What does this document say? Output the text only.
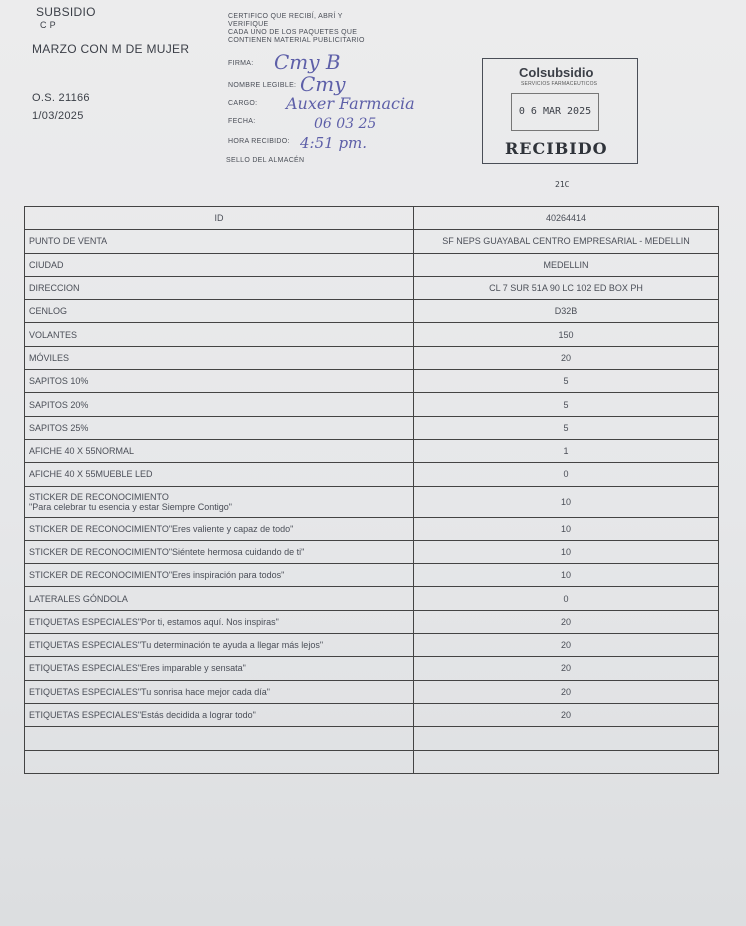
SUBSIDIO
C P
MARZO CON M DE MUJER
O.S. 21166
1/03/2025
CERTIFICO QUE RECIBÍ, ABRÍ Y
VERIFIQUE
CADA UNO DE LOS PAQUETES QUE
CONTIENEN MATERIAL PUBLICITARIO
FIRMA: Cmy B
NOMBRE LEGIBLE: Cmy
CARGO: Auxer Farmacia
FECHA:	06 03 25
HORA RECIBIDO: 4:51 pm.
SELLO DEL ALMACÉN
Colsubsidio
SERVICIOS FARMACEUTICOS
0 6 MAR 2025
RECIBIDO
21C
ID	40264414
PUNTO DE VENTA	SF NEPS GUAYABAL CENTRO EMPRESARIAL - MEDELLIN
CIUDAD	MEDELLIN
DIRECCION	CL 7 SUR 51A 90 LC 102 ED BOX PH
CENLOG	D32B
VOLANTES	150
MÓVILES	20
SAPITOS 10%	5
SAPITOS 20%	5
SAPITOS 25%	5
AFICHE 40 X 55NORMAL	1
AFICHE 40 X 55MUEBLE LED	0

STICKER DE RECONOCIMIENTO
"Para celebrar tu esencia y estar Siempre Contigo"	10
STICKER DE RECONOCIMIENTO"Eres valiente y capaz de todo"	10
STICKER DE RECONOCIMIENTO"Siéntete hermosa cuidando de ti"	10
STICKER DE RECONOCIMIENTO"Eres inspiración para todos"	10
LATERALES GÓNDOLA	0
ETIQUETAS ESPECIALES"Por ti, estamos aquí. Nos inspiras"	20
ETIQUETAS ESPECIALES"Tu determinación te ayuda a llegar más lejos"	20
ETIQUETAS ESPECIALES"Eres imparable y sensata"	20
ETIQUETAS ESPECIALES"Tu sonrisa hace mejor cada día"	20
ETIQUETAS ESPECIALES"Estás decidida a lograr todo"	20
